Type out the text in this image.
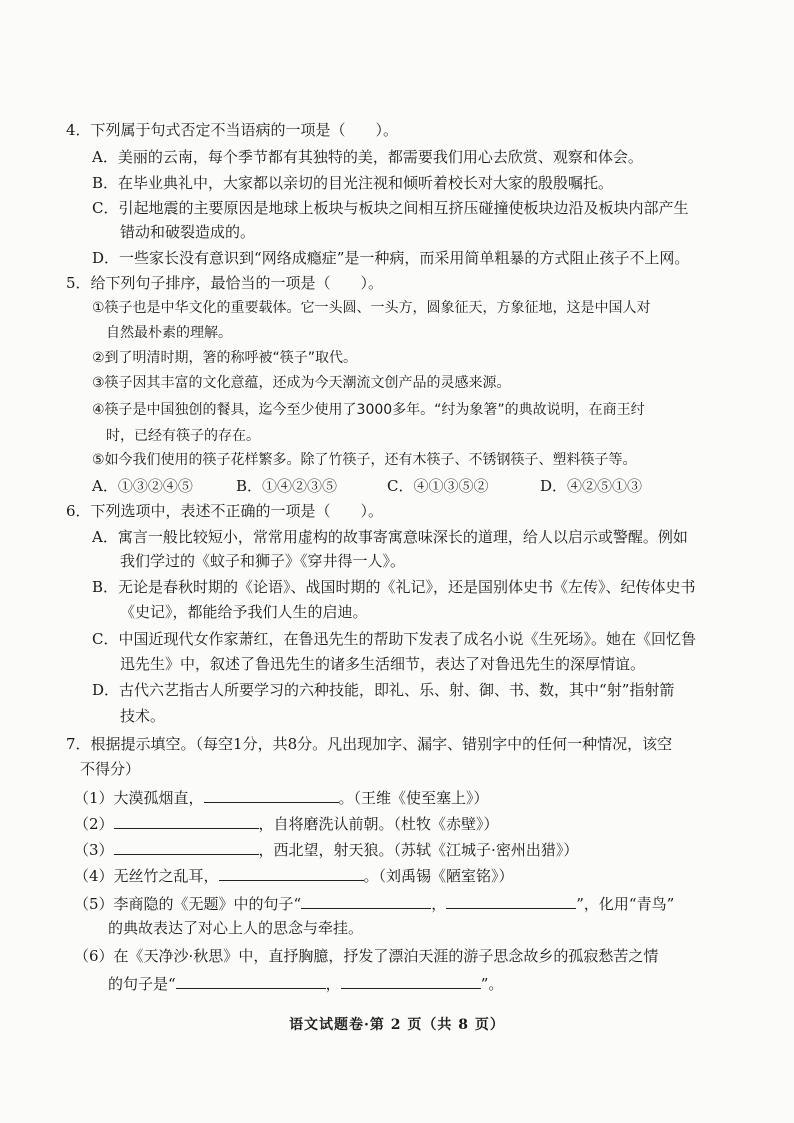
4．下列属于句式否定不当语病的一项是（　　）。
A．美丽的云南，每个季节都有其独特的美，都需要我们用心去欣赏、观察和体会。
B．在毕业典礼中，大家都以亲切的目光注视和倾听着校长对大家的殷殷嘱托。
C．引起地震的主要原因是地球上板块与板块之间相互挤压碰撞使板块边沿及板块内部产生
错动和破裂造成的。
D．一些家长没有意识到“网络成瘾症”是一种病，而采用简单粗暴的方式阻止孩子不上网。
5．给下列句子排序，最恰当的一项是（　　）。
①筷子也是中华文化的重要载体。它一头圆、一头方，圆象征天，方象征地，这是中国人对
自然最朴素的理解。
②到了明清时期，箸的称呼被“筷子”取代。
③筷子因其丰富的文化意蕴，还成为今天潮流文创产品的灵感来源。
④筷子是中国独创的餐具，迄今至少使用了3000多年。“纣为象箸”的典故说明，在商王纣
时，已经有筷子的存在。
⑤如今我们使用的筷子花样繁多。除了竹筷子，还有木筷子、不锈钢筷子、塑料筷子等。
A．①③②④⑤	B．①④②③⑤	C．④①③⑤②	D．④②⑤①③
6．下列选项中，表述不正确的一项是（　　）。
A．寓言一般比较短小，常常用虚构的故事寄寓意味深长的道理，给人以启示或警醒。例如
我们学过的《蚊子和狮子》《穿井得一人》。
B．无论是春秋时期的《论语》、战国时期的《礼记》，还是国别体史书《左传》、纪传体史书
《史记》，都能给予我们人生的启迪。
C．中国近现代女作家萧红，在鲁迅先生的帮助下发表了成名小说《生死场》。她在《回忆鲁
迅先生》中，叙述了鲁迅先生的诸多生活细节，表达了对鲁迅先生的深厚情谊。
D．古代六艺指古人所要学习的六种技能，即礼、乐、射、御、书、数，其中“射”指射箭
技术。
7．根据提示填空。（每空1分，共8分。凡出现加字、漏字、错别字中的任何一种情况，该空
不得分）
（1）大漠孤烟直，	。（王维《使至塞上》）
（2）	，自将磨洗认前朝。（杜牧《赤壁》）
（3）	，西北望，射天狼。（苏轼《江城子·密州出猎》）
（4）无丝竹之乱耳，	。（刘禹锡《陋室铭》）
（5）李商隐的《无题》中的句子“	，	”，化用“青鸟”
的典故表达了对心上人的思念与牵挂。
（6）在《天净沙·秋思》中，直抒胸臆，抒发了漂泊天涯的游子思念故乡的孤寂愁苦之情
的句子是“	，	”。
语文试题卷·第 2 页（共 8 页）
